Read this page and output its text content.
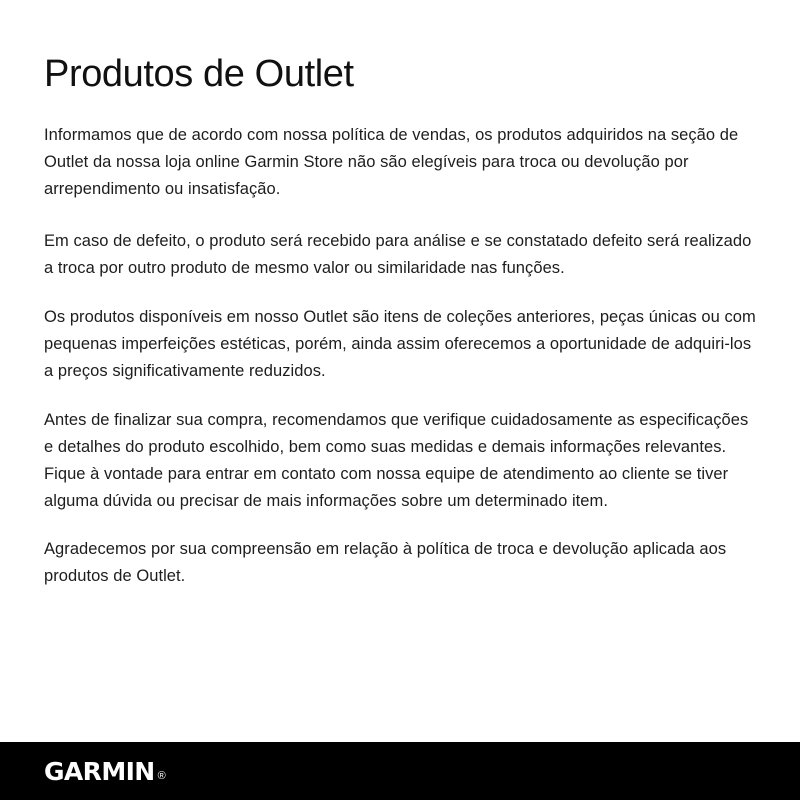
Produtos de Outlet

Informamos que de acordo com nossa política de vendas, os produtos adquiridos na seção de Outlet da nossa loja online Garmin Store não são elegíveis para troca ou devolução por arrependimento ou insatisfação.

Em caso de defeito, o produto será recebido para análise e se constatado defeito será realizado a troca por outro produto de mesmo valor ou similaridade nas funções.

Os produtos disponíveis em nosso Outlet são itens de coleções anteriores, peças únicas ou com pequenas imperfeições estéticas, porém, ainda assim oferecemos a oportunidade de adquiri-los a preços significativamente reduzidos.

Antes de finalizar sua compra, recomendamos que verifique cuidadosamente as especificações e detalhes do produto escolhido, bem como suas medidas e demais informações relevantes. Fique à vontade para entrar em contato com nossa equipe de atendimento ao cliente se tiver alguma dúvida ou precisar de mais informações sobre um determinado item.

Agradecemos por sua compreensão em relação à política de troca e devolução aplicada aos produtos de Outlet.

GARMIN ®
